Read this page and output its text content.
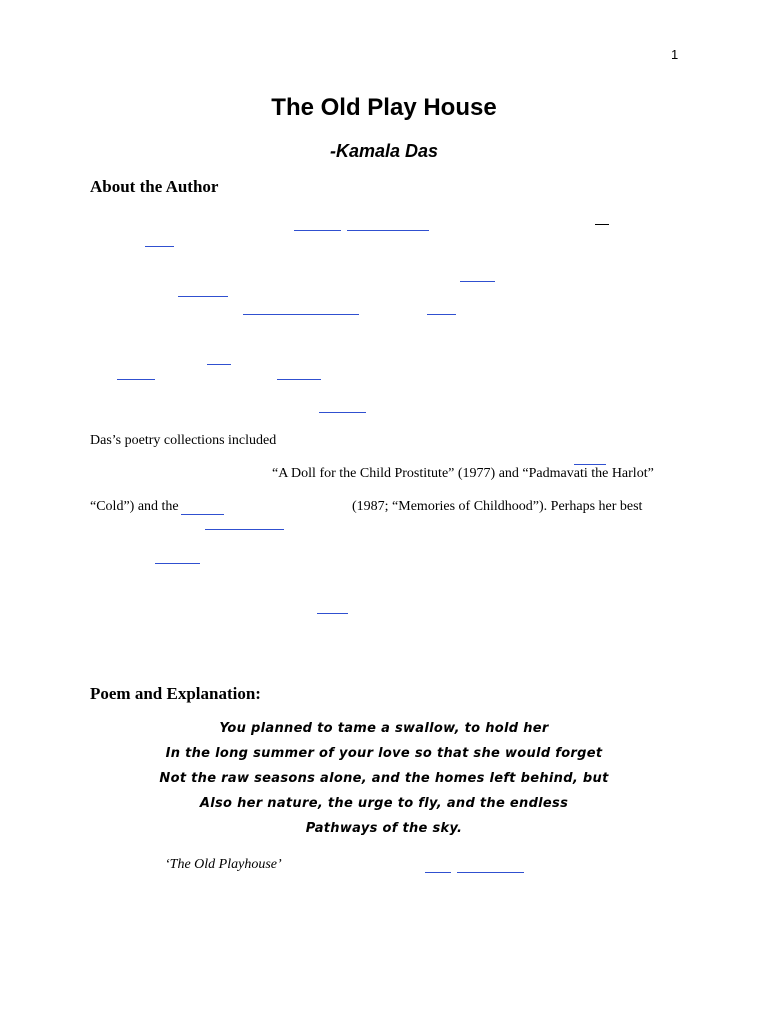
1
The Old Play House
-Kamala Das
About the Author
Das’s poetry collections included
“A Doll for the Child Prostitute” (1977) and “Padmavati the Harlot”
“Cold”) and the	(1987; “Memories of Childhood”). Perhaps her best
Poem and Explanation:
You planned to tame a swallow, to hold her
In the long summer of your love so that she would forget
Not the raw seasons alone, and the homes left behind, but
Also her nature, the urge to fly, and the endless
Pathways of the sky.
‘The Old Playhouse’
